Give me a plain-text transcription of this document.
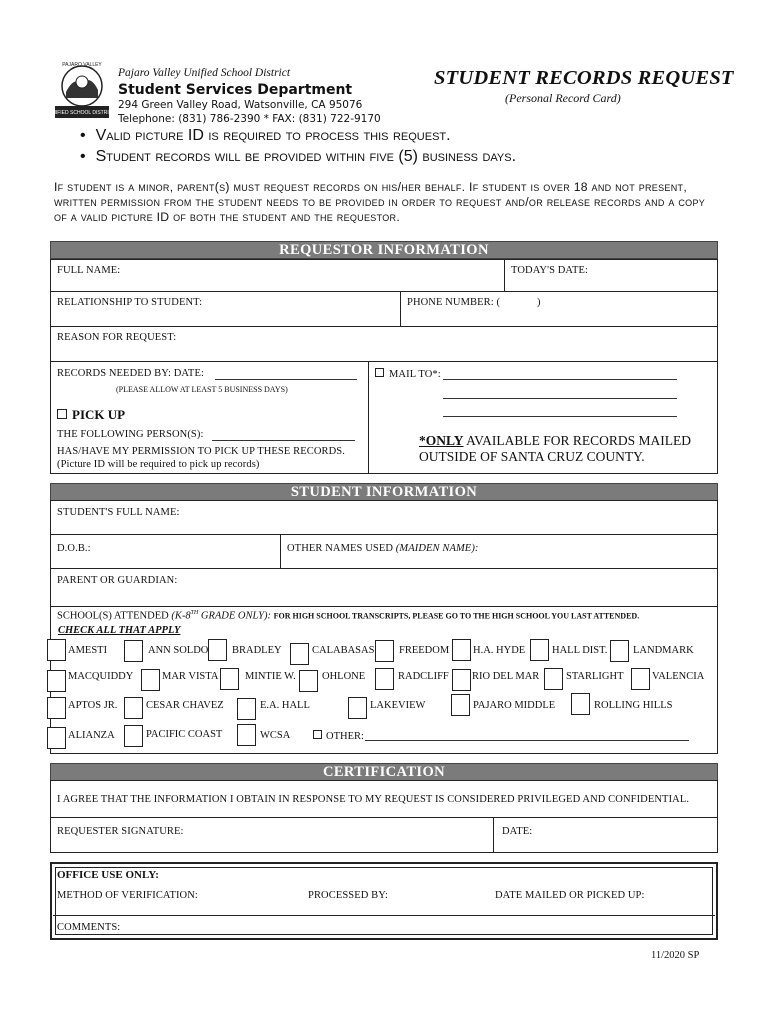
UNIFIED SCHOOL DISTRICT
PAJARO VALLEY
Pajaro Valley Unified School District
Student Services Department
294 Green Valley Road, Watsonville, CA 95076
Telephone: (831) 786-2390 * FAX: (831) 722-9170
STUDENT RECORDS REQUEST
(Personal Record Card)
• Valid picture ID is required to process this request.
• Student records will be provided within five (5) business days.
If student is a minor, parent(s) must request records on his/her behalf. If student is over 18 and not present, written permission from the student needs to be provided in order to request and/or release records and a copy of a valid picture ID of both the student and the requestor.
REQUESTOR INFORMATION
FULL NAME:	TODAY'S DATE:
RELATIONSHIP TO STUDENT:	PHONE NUMBER: (	)
REASON FOR REQUEST:
RECORDS NEEDED BY: DATE:
(PLEASE ALLOW AT LEAST 5 BUSINESS DAYS)
MAIL TO*:
PICK UP
THE FOLLOWING PERSON(S):
HAS/HAVE MY PERMISSION TO PICK UP THESE RECORDS.
(Picture ID will be required to pick up records)
*ONLY AVAILABLE FOR RECORDS MAILED
OUTSIDE OF SANTA CRUZ COUNTY.
STUDENT INFORMATION
STUDENT'S FULL NAME:
D.O.B.:	OTHER NAMES USED (MAIDEN NAME):
PARENT OR GUARDIAN:
SCHOOL(S) ATTENDED (K-8TH GRADE ONLY): FOR HIGH SCHOOL TRANSCRIPTS, PLEASE GO TO THE HIGH SCHOOL YOU LAST ATTENDED.
CHECK ALL THAT APPLY
AMESTI	ANN SOLDO BRADLEY	CALABASAS FREEDOM H.A. HYDE	HALL DIST. LANDMARK
MACQUIDDY	MAR VISTA	MINTIE W.	OHLONE	RADCLIFF RIO DEL MAR	STARLIGHT	VALENCIA
APTOS JR.	CESAR CHAVEZ	E.A. HALL	LAKEVIEW	PAJARO MIDDLE	ROLLING HILLS
ALIANZA	PACIFIC COAST	WCSA	OTHER:
CERTIFICATION
I AGREE THAT THE INFORMATION I OBTAIN IN RESPONSE TO MY REQUEST IS CONSIDERED PRIVILEGED AND CONFIDENTIAL.
REQUESTER SIGNATURE:	DATE:
OFFICE USE ONLY:
METHOD OF VERIFICATION:	PROCESSED BY:	DATE MAILED OR PICKED UP:
COMMENTS:
11/2020 SP
